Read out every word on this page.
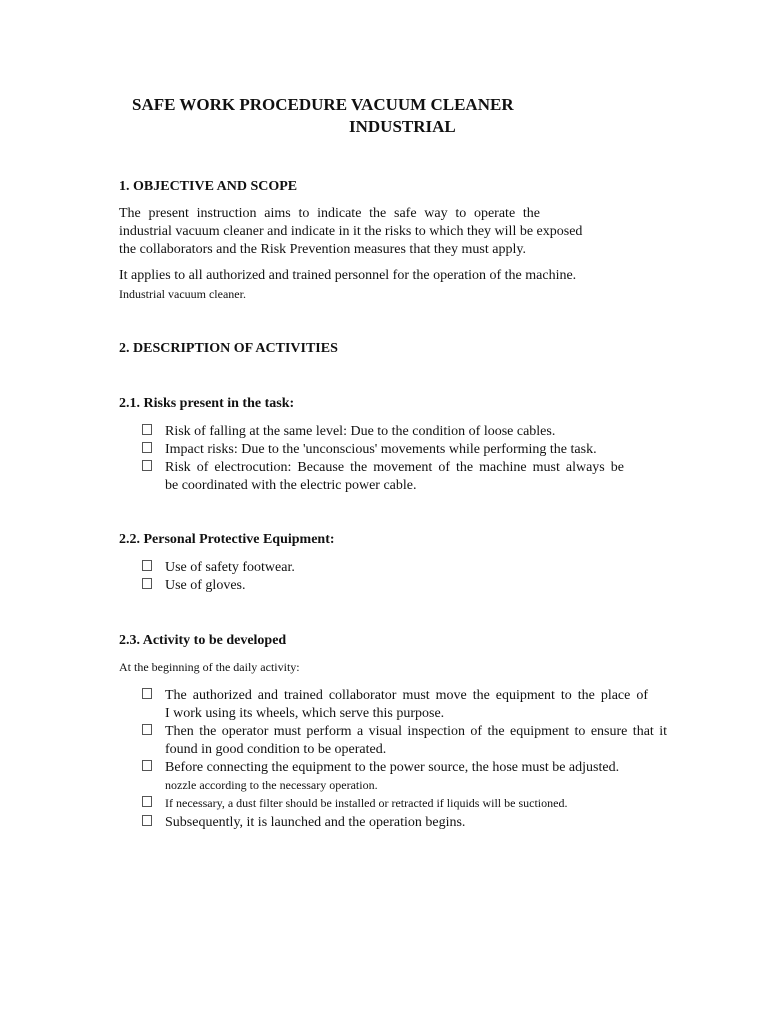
SAFE WORK PROCEDURE VACUUM CLEANER
INDUSTRIAL
1. OBJECTIVE AND SCOPE
The present instruction aims to indicate the safe way to operate the
industrial vacuum cleaner and indicate in it the risks to which they will be exposed
the collaborators and the Risk Prevention measures that they must apply.
It applies to all authorized and trained personnel for the operation of the machine.
Industrial vacuum cleaner.
2. DESCRIPTION OF ACTIVITIES
2.1. Risks present in the task:
Risk of falling at the same level: Due to the condition of loose cables.
Impact risks: Due to the 'unconscious' movements while performing the task.
Risk of electrocution: Because the movement of the machine must always be
be coordinated with the electric power cable.
2.2. Personal Protective Equipment:
Use of safety footwear.
Use of gloves.
2.3. Activity to be developed
At the beginning of the daily activity:
The authorized and trained collaborator must move the equipment to the place of
I work using its wheels, which serve this purpose.
Then the operator must perform a visual inspection of the equipment to ensure that it
found in good condition to be operated.
Before connecting the equipment to the power source, the hose must be adjusted.
nozzle according to the necessary operation.
If necessary, a dust filter should be installed or retracted if liquids will be suctioned.
Subsequently, it is launched and the operation begins.
